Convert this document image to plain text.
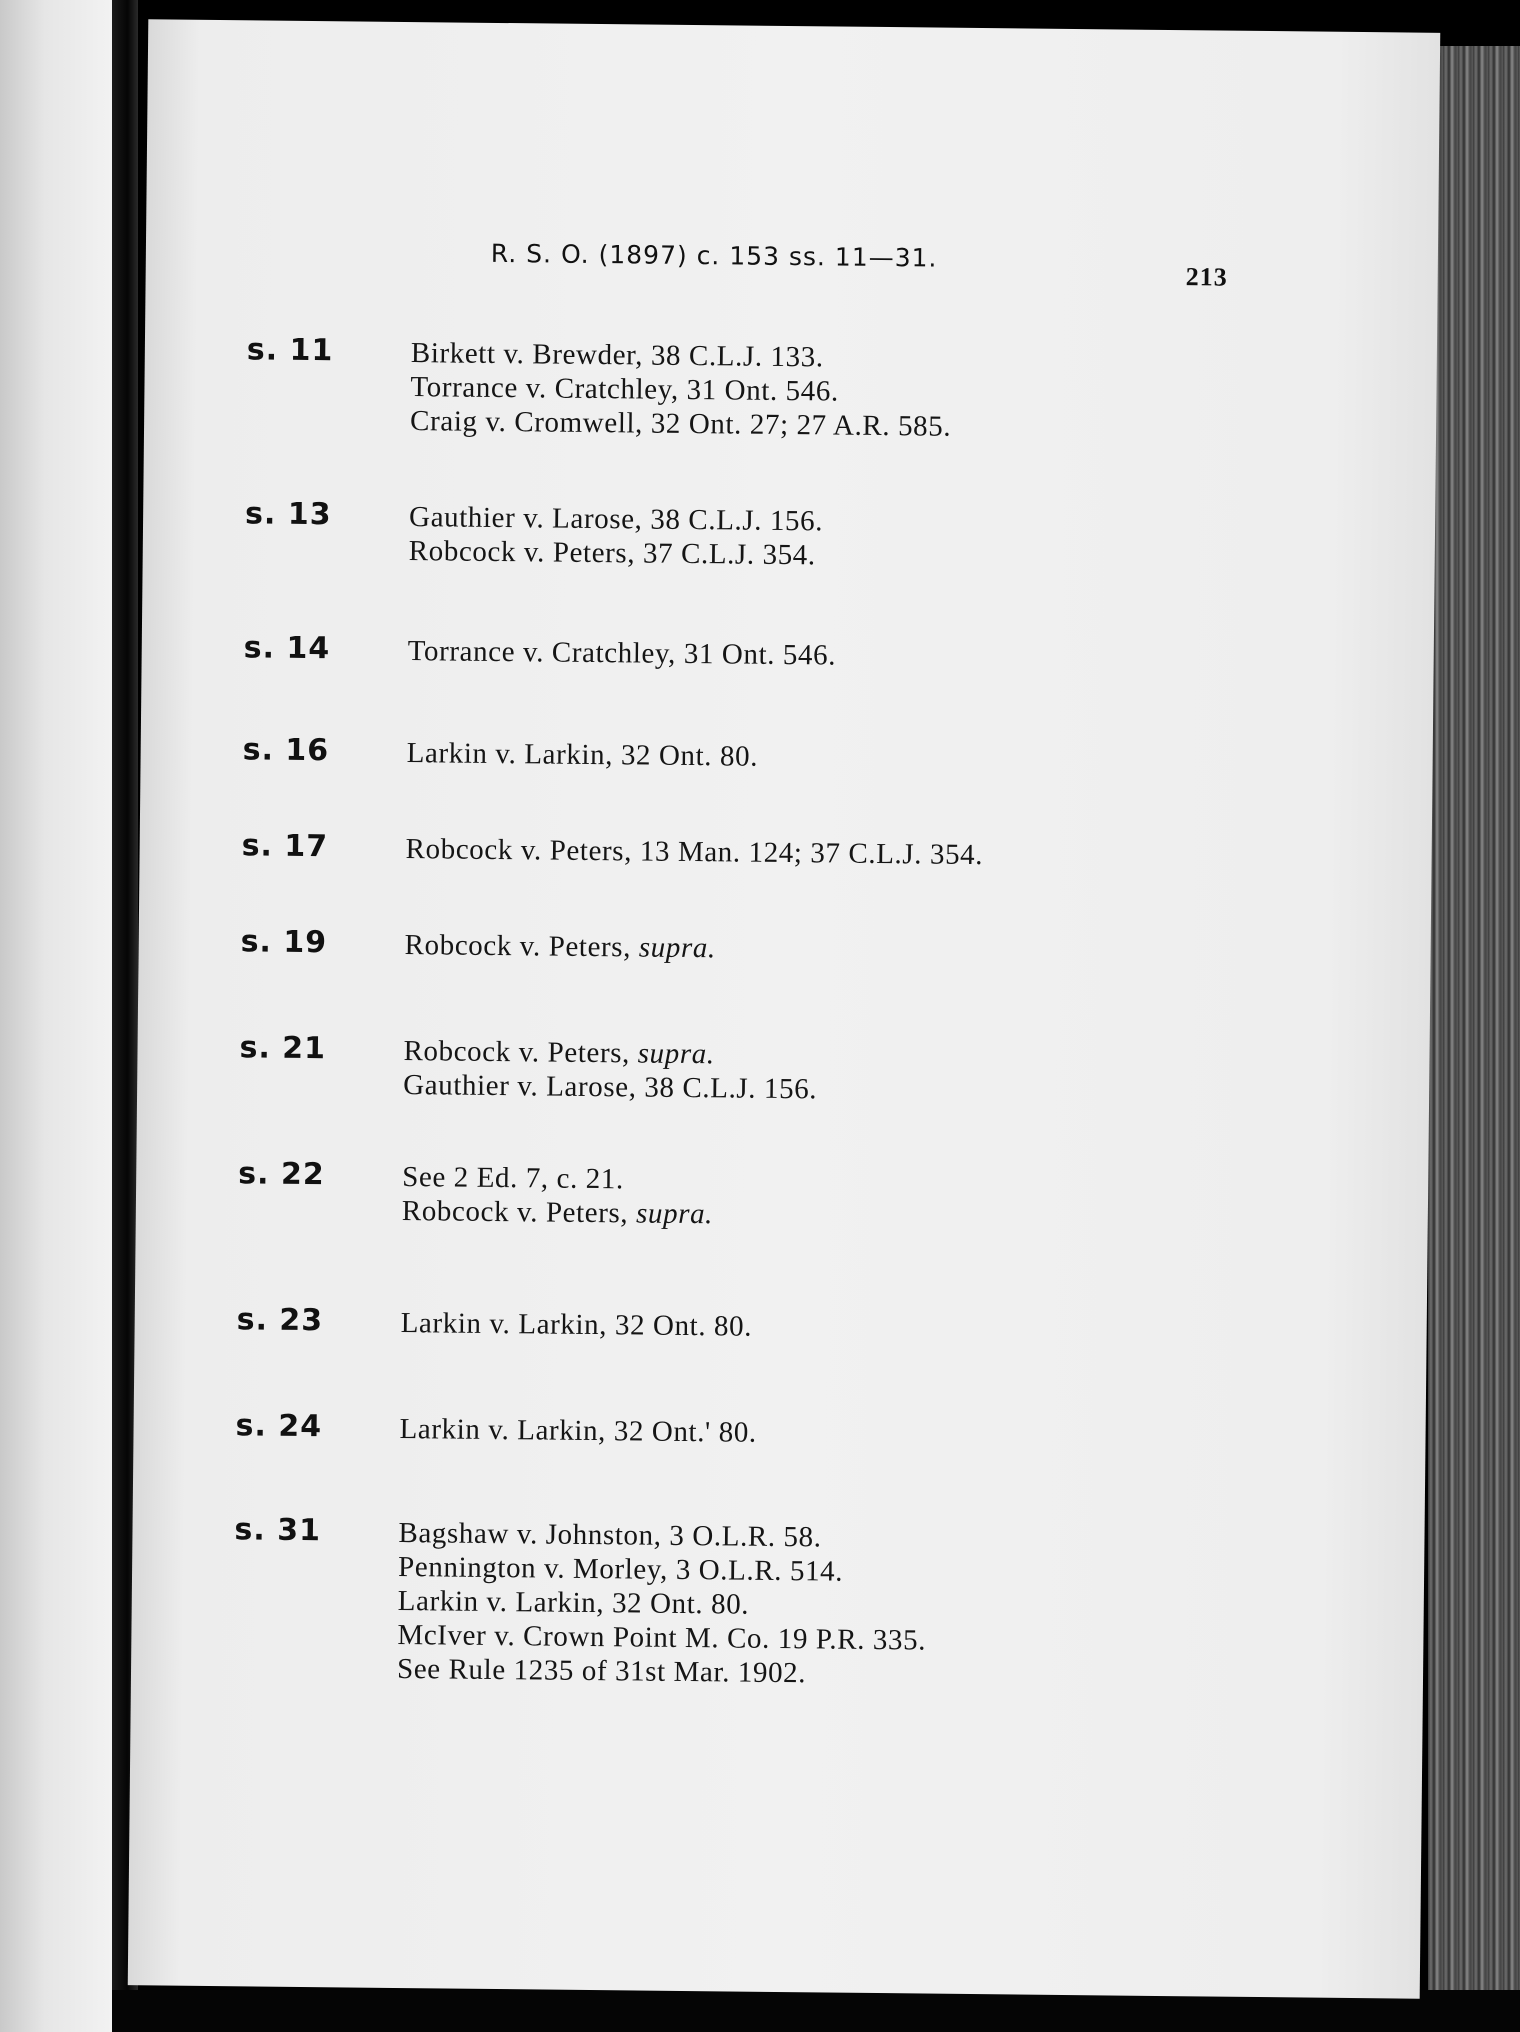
R. S. O. (1897) c. 153 ss. 11—31.
213
s. 11	Birkett v. Brewder, 38 C.L.J. 133.
Torrance v. Cratchley, 31 Ont. 546.
Craig v. Cromwell, 32 Ont. 27; 27 A.R. 585.
s. 13	Gauthier v. Larose, 38 C.L.J. 156.
Robcock v. Peters, 37 C.L.J. 354.
s. 14	Torrance v. Cratchley, 31 Ont. 546.
s. 16	Larkin v. Larkin, 32 Ont. 80.
s. 17	Robcock v. Peters, 13 Man. 124; 37 C.L.J. 354.
s. 19	Robcock v. Peters, supra.
s. 21	Robcock v. Peters, supra.
Gauthier v. Larose, 38 C.L.J. 156.
s. 22	See 2 Ed. 7, c. 21.
Robcock v. Peters, supra.
s. 23	Larkin v. Larkin, 32 Ont. 80.
s. 24	Larkin v. Larkin, 32 Ont.' 80.
s. 31	Bagshaw v. Johnston, 3 O.L.R. 58.
Pennington v. Morley, 3 O.L.R. 514.
Larkin v. Larkin, 32 Ont. 80.
McIver v. Crown Point M. Co. 19 P.R. 335.
See Rule 1235 of 31st Mar. 1902.
